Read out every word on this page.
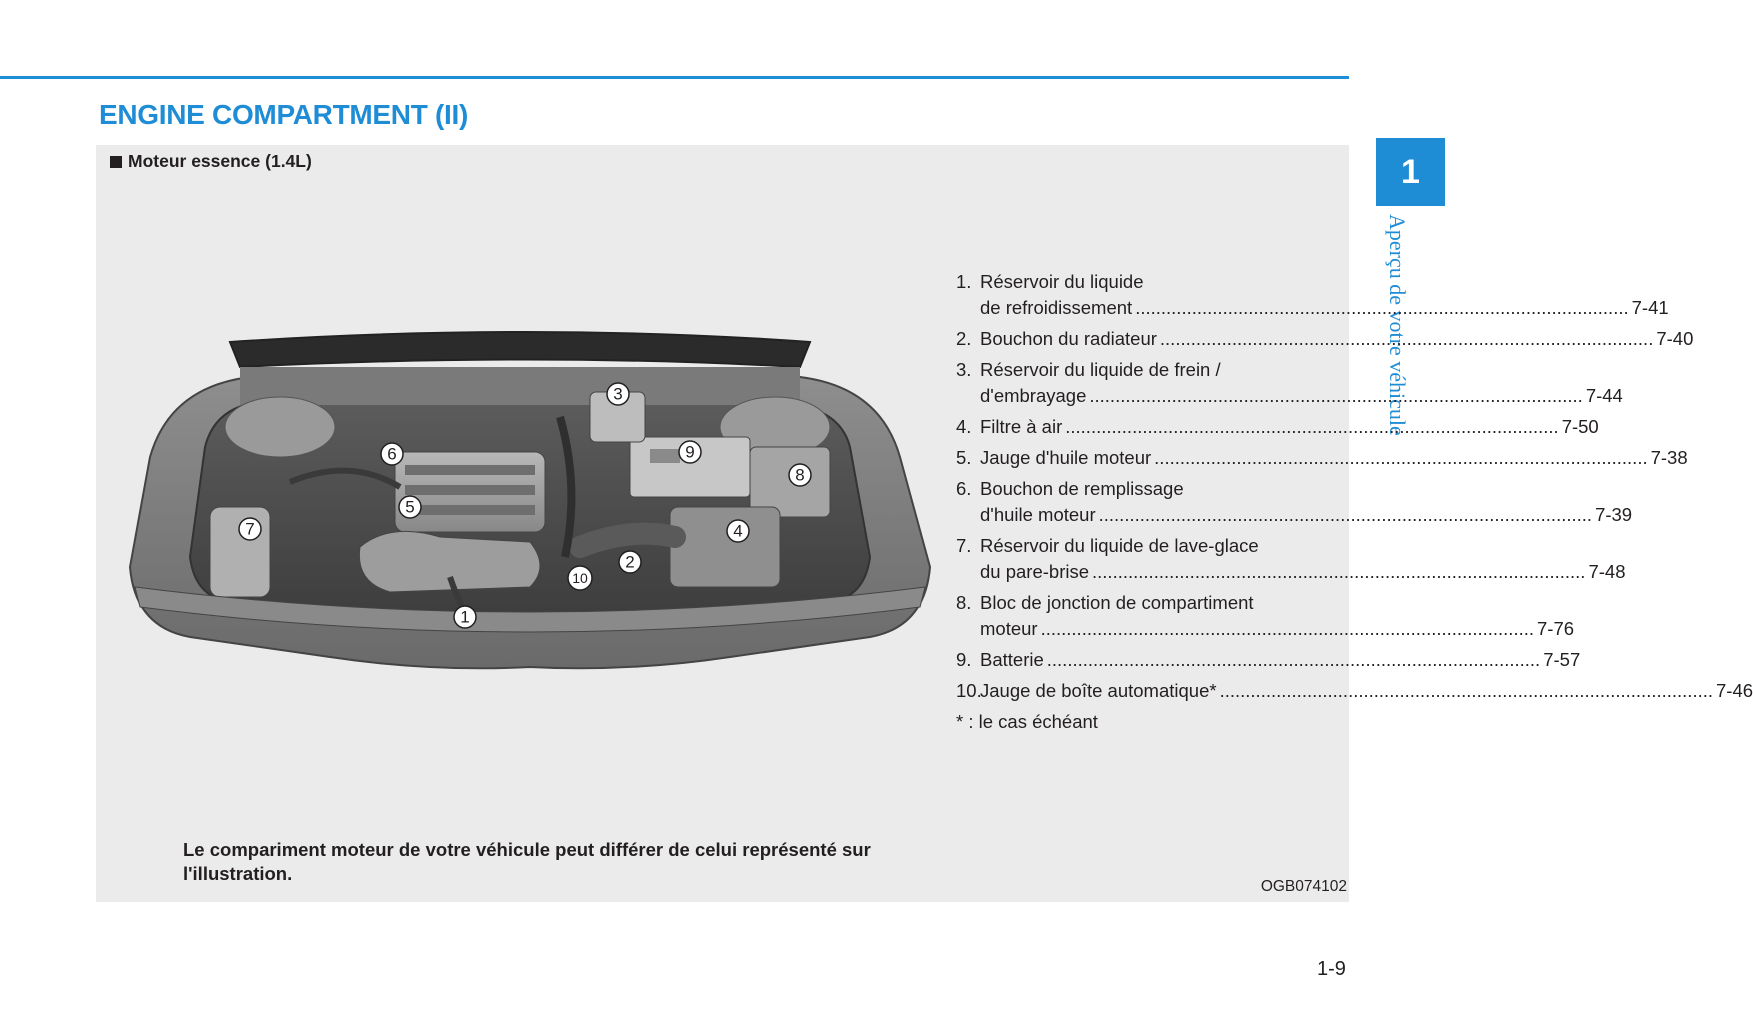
ENGINE COMPARTMENT (II)
1
Aperçu de votre véhicule
Moteur essence (1.4L)
1
2
3
4
5
6
7
8
9
10
1. Réservoir du liquide
de refroidissement .....	7-41
2. Bouchon du radiateur .....	7-40
3. Réservoir du liquide de frein /
d'embrayage .....	7-44
4. Filtre à air .....	7-50
5. Jauge d'huile moteur .....	7-38
6. Bouchon de remplissage
d'huile moteur .....	7-39
7. Réservoir du liquide de lave-glace
du pare-brise .....	7-48
8. Bloc de jonction de compartiment
moteur .....	7-76
9. Batterie .....	7-57
10.
Jauge de boîte automatique* .....	7-46
* : le cas échéant
Le compariment moteur de votre véhicule peut différer de celui représenté sur l'illustration.
OGB074102
1-9
